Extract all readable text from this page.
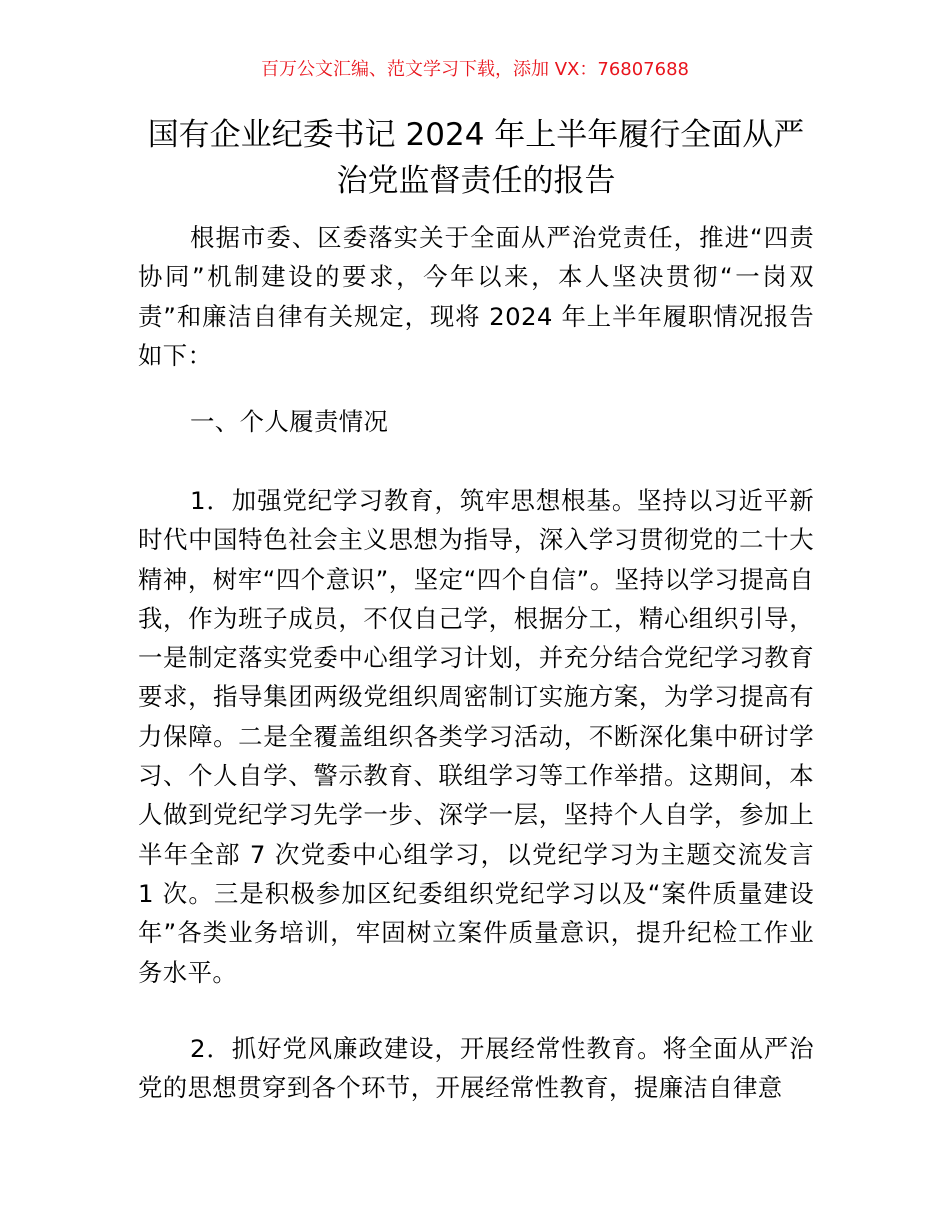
百万公文汇编、范文学习下载，添加 VX：76807688
国有企业纪委书记 2024 年上半年履行全面从严
治党监督责任的报告

根据市委、区委落实关于全面从严治党责任，推进“四责协同”机制建设的要求，今年以来，本人坚决贯彻“一岗双责”和廉洁自律有关规定，现将 2024 年上半年履职情况报告如下：

一、个人履责情况

1．加强党纪学习教育，筑牢思想根基。坚持以习近平新时代中国特色社会主义思想为指导，深入学习贯彻党的二十大精神，树牢“四个意识”，坚定“四个自信”。坚持以学习提高自我，作为班子成员，不仅自己学，根据分工，精心组织引导，一是制定落实党委中心组学习计划，并充分结合党纪学习教育要求，指导集团两级党组织周密制订实施方案，为学习提高有力保障。二是全覆盖组织各类学习活动，不断深化集中研讨学习、个人自学、警示教育、联组学习等工作举措。这期间，本人做到党纪学习先学一步、深学一层，坚持个人自学，参加上半年全部 7 次党委中心组学习，以党纪学习为主题交流发言 1 次。三是积极参加区纪委组织党纪学习以及“案件质量建设年”各类业务培训，牢固树立案件质量意识，提升纪检工作业务水平。

2．抓好党风廉政建设，开展经常性教育。将全面从严治党的思想贯穿到各个环节，开展经常性教育，提廉洁自律意
